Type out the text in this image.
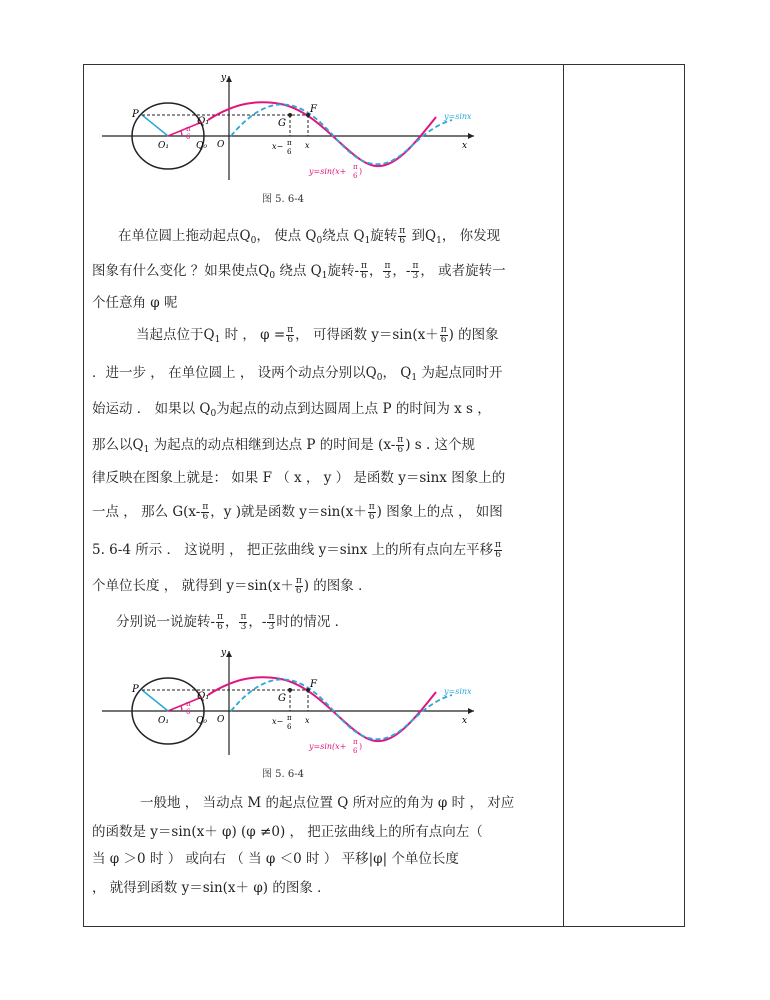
y
x
P	F
G
Q₁
O₁	Q₀ O
π
6
x− π
6
x
y=sinx
y=sin(x+ π
6 )
图 5. 6-4
在单位圆上拖动起点$Q_0$， 使点 $Q_0$绕点 $Q_1$旋转 $\frac{\pi}{6}$ 到$Q_1$， 你发现
图象有什么变化 ？如果使点$Q_0$ 绕点 $Q_1$旋转- $\frac{\pi}{6}$ ， $\frac{\pi}{3}$ ，- $\frac{\pi}{3}$ ， 或者旋转一
个任意角 φ 呢
当起点位于$Q_1$ 时 ， $\varphi = \frac{\pi}{6}$ ， 可得函数 $y=\sin(x+ \frac{\pi}{6}$ ) 的图象
．进一步 ， 在单位圆上 ， 设两个动点分别以$Q_0$， $Q_1$ 为起点同时开
始运动 ． 如果以 $Q_0$为起点的动点到达圆周上点 P 的时间为 x s ，
那么以$Q_1$ 为起点的动点相继到达点 P 的时间是 ($x- \frac{\pi}{6}$ ) s . 这个规
律反映在图象上就是： 如果 F （ x ， y ） 是函数 y＝sinx 图象上的
一点 ， 那么 $G(x- \frac{\pi}{6}$ ，y )就是函数 $y=\sin(x+ \frac{\pi}{6}$ ) 图象上的点 ， 如图
5. 6-4 所示 ． 这说明 ， 把正弦曲线 y＝sinx 上的所有点向左平移 $\frac{\pi}{6}$
个单位长度 ， 就得到 $y=\sin(x+ \frac{\pi}{6}$ ) 的图象 ．
分别说一说旋转- $\frac{\pi}{6}$ ， $\frac{\pi}{3}$ ，- $\frac{\pi}{3}$ 时的情况 ．
y
x
P	F
G
Q₁
O₁	Q₀ O
π
6
x− π
6
x
y=sinx
y=sin(x+ π
6 )
图 5. 6-4
一般地 ， 当动点 M 的起点位置 Q 所对应的角为 φ 时 ， 对应
的函数是 y＝sin(x＋ φ) (φ ≠0) ， 把正弦曲线上的所有点向左（
当 φ ＞0 时 ） 或向右 （ 当 φ ＜0 时 ） 平移|φ| 个单位长度
， 就得到函数 y＝sin(x＋ φ) 的图象 ．
